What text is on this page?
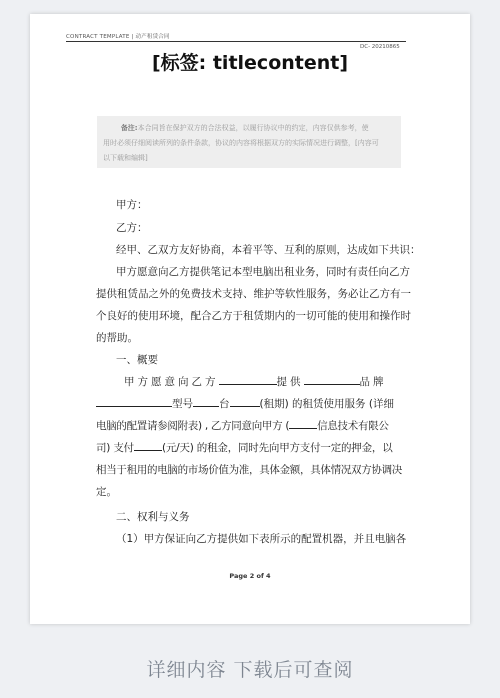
CONTRACT TEMPLATE | 动产租赁合同
DC- 20210865
[标签: titlecontent]
备注:本合同旨在保护双方的合法权益，以履行协议中的约定，内容仅供参考，使
用时必须仔细阅读所列的条件条款，协议的内容将根据双方的实际情况进行调整，[内容可
以下载和编辑]
甲方：
乙方：
经甲、乙双方友好协商，本着平等、互利的原则，达成如下共识：
甲方愿意向乙方提供笔记本型电脑出租业务，同时有责任向乙方
提供租赁品之外的免费技术支持、维护等软性服务，务必让乙方有一
个良好的使用环境，配合乙方于租赁期内的一切可能的使用和操作时
的帮助。
一、概要
甲方愿意向乙方	提供	品牌
型号 台	(租期) 的租赁使用服务 (详细
电脑的配置请参阅附表) , 乙方同意向甲方 (	信息技术有限公
司) 支付	(元/天) 的租金，同时先向甲方支付一定的押金，以
相当于租用的电脑的市场价值为准，具体金额，具体情况双方协调决
定。
二、权利与义务
（1）甲方保证向乙方提供如下表所示的配置机器，并且电脑各
Page 2 of 4
详细内容 下载后可查阅
